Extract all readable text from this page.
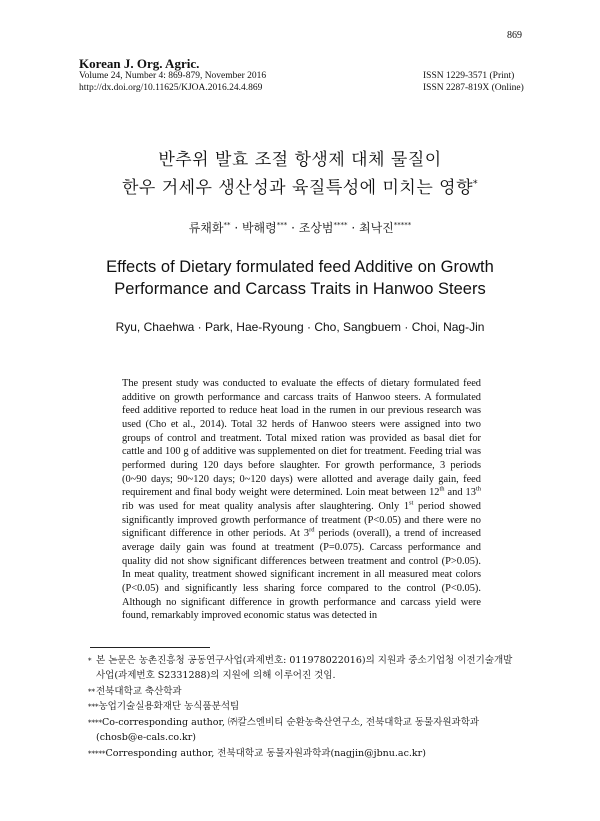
Korean J. Org. Agric.
Volume 24, Number 4: 869-879, November 2016
http://dx.doi.org/10.11625/KJOA.2016.24.4.869
869
ISSN 1229-3571 (Print)
ISSN 2287-819X (Online)
반추위 발효 조절 항생제 대체 물질이
한우 거세우 생산성과 육질특성에 미치는 영향*
류채화** · 박해령*** · 조상범**** · 최낙진*****
Effects of Dietary formulated feed Additive on Growth
Performance and Carcass Traits in Hanwoo Steers
Ryu, Chaehwa · Park, Hae-Ryoung · Cho, Sangbuem · Choi, Nag-Jin

The present study was conducted to evaluate the effects of dietary formulated feed additive on growth performance and carcass traits of Hanwoo steers. A formulated feed additive reported to reduce heat load in the rumen in our previous research was used (Cho et al., 2014). Total 32 herds of Hanwoo steers were assigned into two groups of control and treatment. Total mixed ration was provided as basal diet for cattle and 100 g of additive was supplemented on diet for treatment. Feeding trial was performed during 120 days before slaughter. For growth performance, 3 periods (0~90 days; 90~120 days; 0~120 days) were allotted and average daily gain, feed requirement and final body weight were determined. Loin meat between 12th and 13th rib was used for meat quality analysis after slaughtering. Only 1st period showed significantly improved growth performance of treatment (P<0.05) and there were no significant difference in other periods. At 3rd periods (overall), a trend of increased average daily gain was found at treatment (P=0.075). Carcass performance and quality did not show significant differences between treatment and control (P>0.05). In meat quality, treatment showed significant increment in all measured meat colors (P<0.05) and significantly less sharing force compared to the control (P<0.05). Although no significant difference in growth performance and carcass yield were found, remarkably improved economic status was detected in

* 본 논문은 농촌진흥청 공동연구사업(과제번호: 011978022016)의 지원과 중소기업청 이전기술개발
사업(과제번호 S2331288)의 지원에 의해 이루어진 것임.
**전북대학교 축산학과
***농업기술실용화재단 농식품분석팀
****Co-corresponding author, ㈜칼스엔비티 순환농축산연구소, 전북대학교 동물자원과학과
(chosb@e-cals.co.kr)
*****Corresponding author, 전북대학교 동물자원과학과(nagjin@jbnu.ac.kr)
